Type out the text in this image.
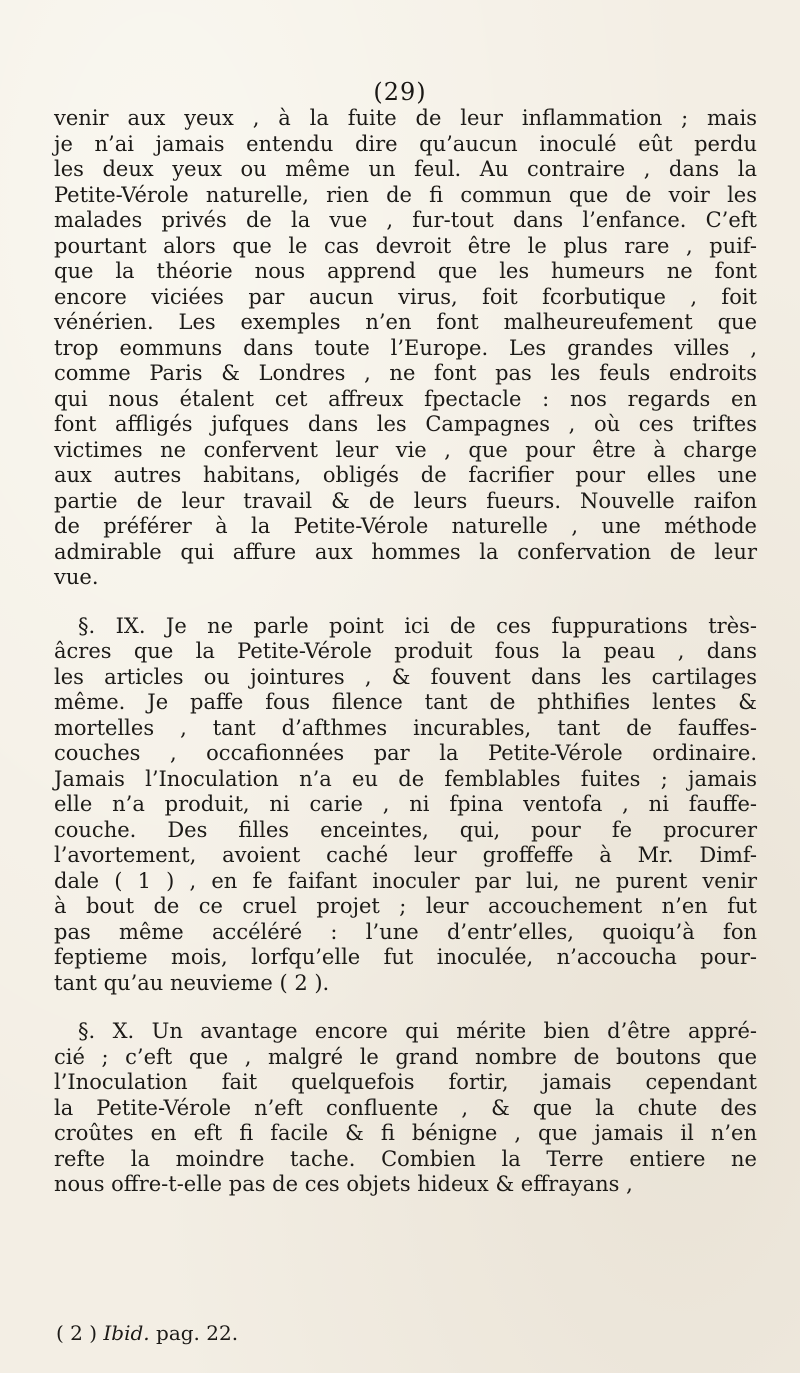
(29)
venir aux yeux , à la fuite de leur inflammation ; mais
je n’ai jamais entendu dire qu’aucun inoculé eût perdu
les deux yeux ou même un feul. Au contraire , dans la
Petite-Vérole naturelle, rien de fi commun que de voir les
malades privés de la vue , fur-tout dans l’enfance. C’eft
pourtant alors que le cas devroit être le plus rare , puif-
que la théorie nous apprend que les humeurs ne font
encore viciées par aucun virus, foit fcorbutique , foit
vénérien. Les exemples n’en font malheureufement que
trop eommuns dans toute l’Europe. Les grandes villes ,
comme Paris & Londres , ne font pas les feuls endroits
qui nous étalent cet affreux fpectacle : nos regards en
font affligés jufques dans les Campagnes , où ces triftes
victimes ne confervent leur vie , que pour être à charge
aux autres habitans, obligés de facrifier pour elles une
partie de leur travail & de leurs fueurs. Nouvelle raifon
de préférer à la Petite-Vérole naturelle , une méthode
admirable qui affure aux hommes la confervation de leur
vue.
§. IX. Je ne parle point ici de ces fuppurations très-
âcres que la Petite-Vérole produit fous la peau , dans
les articles ou jointures , & fouvent dans les cartilages
même. Je paffe fous filence tant de phthifies lentes &
mortelles , tant d’afthmes incurables, tant de fauffes-
couches , occafionnées par la Petite-Vérole ordinaire.
Jamais l’Inoculation n’a eu de femblables fuites ; jamais
elle n’a produit, ni carie , ni fpina ventofa , ni fauffe-
couche. Des filles enceintes, qui, pour fe procurer
l’avortement, avoient caché leur groffeffe à Mr. Dimf-
dale ( 1 ) , en fe faifant inoculer par lui, ne purent venir
à bout de ce cruel projet ; leur accouchement n’en fut
pas même accéléré : l’une d’entr’elles, quoiqu’à fon
feptieme mois, lorfqu’elle fut inoculée, n’accoucha pour-
tant qu’au neuvieme ( 2 ).
§. X. Un avantage encore qui mérite bien d’être appré-
cié ; c’eft que , malgré le grand nombre de boutons que
l’Inoculation fait quelquefois fortir, jamais cependant
la Petite-Vérole n’eft confluente , & que la chute des
croûtes en eft fi facile & fi bénigne , que jamais il n’en
refte la moindre tache. Combien la Terre entiere ne
nous offre-t-elle pas de ces objets hideux & effrayans ,
( 2 ) Ibid. pag. 22.
